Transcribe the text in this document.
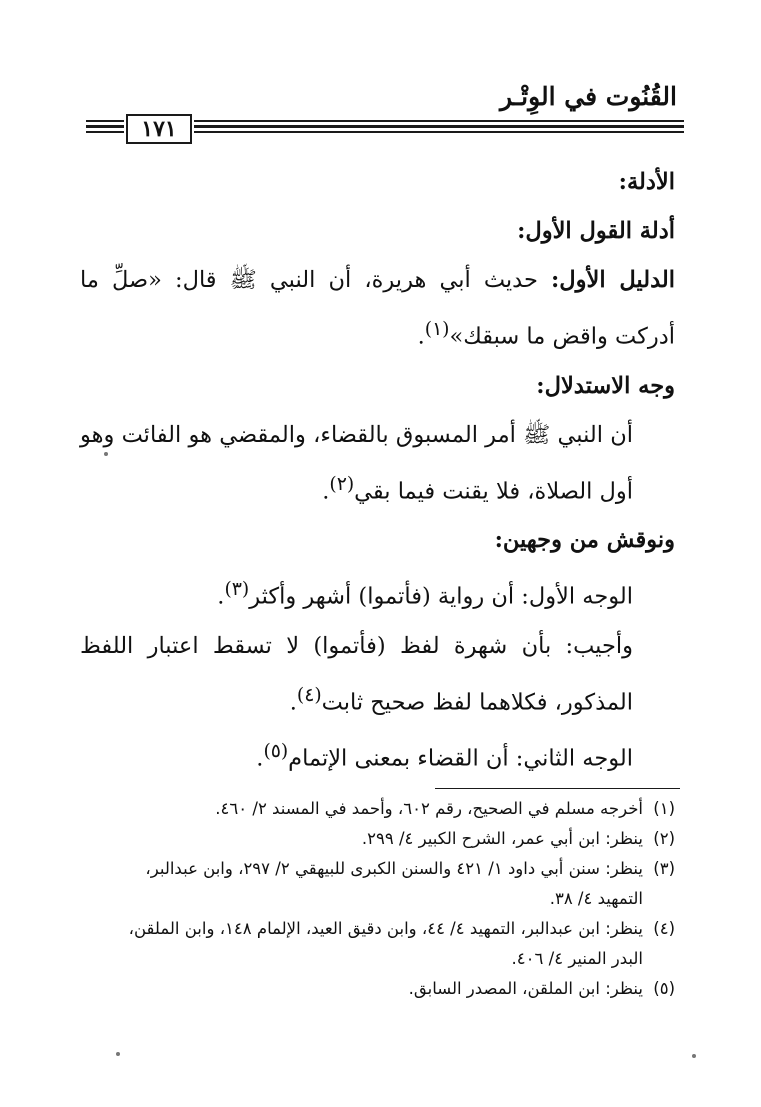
القُنُوت في الوِتْـر
١٧١

الأدلة:

أدلة القول الأول:

الدليل الأول: حديث أبي هريرة، أن النبي ﷺ قال: «صلِّ ما أدركت واقض ما سبقك»$^{(١)}$.

وجه الاستدلال:

أن النبي ﷺ أمر المسبوق بالقضاء، والمقضي هو الفائت وهو أول الصلاة، فلا يقنت فيما بقي$^{(٢)}$.

ونوقش من وجهين:

الوجه الأول: أن رواية (فأتموا) أشهر وأكثر$^{(٣)}$.

وأجيب: بأن شهرة لفظ (فأتموا) لا تسقط اعتبار اللفظ المذكور، فكلاهما لفظ صحيح ثابت$^{(٤)}$.

الوجه الثاني: أن القضاء بمعنى الإتمام$^{(٥)}$.

(١)أخرجه مسلم في الصحيح، رقم ٦٠٢، وأحمد في المسند ٢/ ٤٦٠.

(٢)ينظر: ابن أبي عمر، الشرح الكبير ٤/ ٢٩٩.

(٣)ينظر: سنن أبي داود ١/ ٤٢١ والسنن الكبرى للبيهقي ٢/ ٢٩٧، وابن عبدالبر،
التمهيد ٤/ ٣٨.

(٤)ينظر: ابن عبدالبر، التمهيد ٤/ ٤٤، وابن دقيق العيد، الإلمام ١٤٨، وابن الملقن،
البدر المنير ٤/ ٤٠٦.

(٥)ينظر: ابن الملقن، المصدر السابق.
